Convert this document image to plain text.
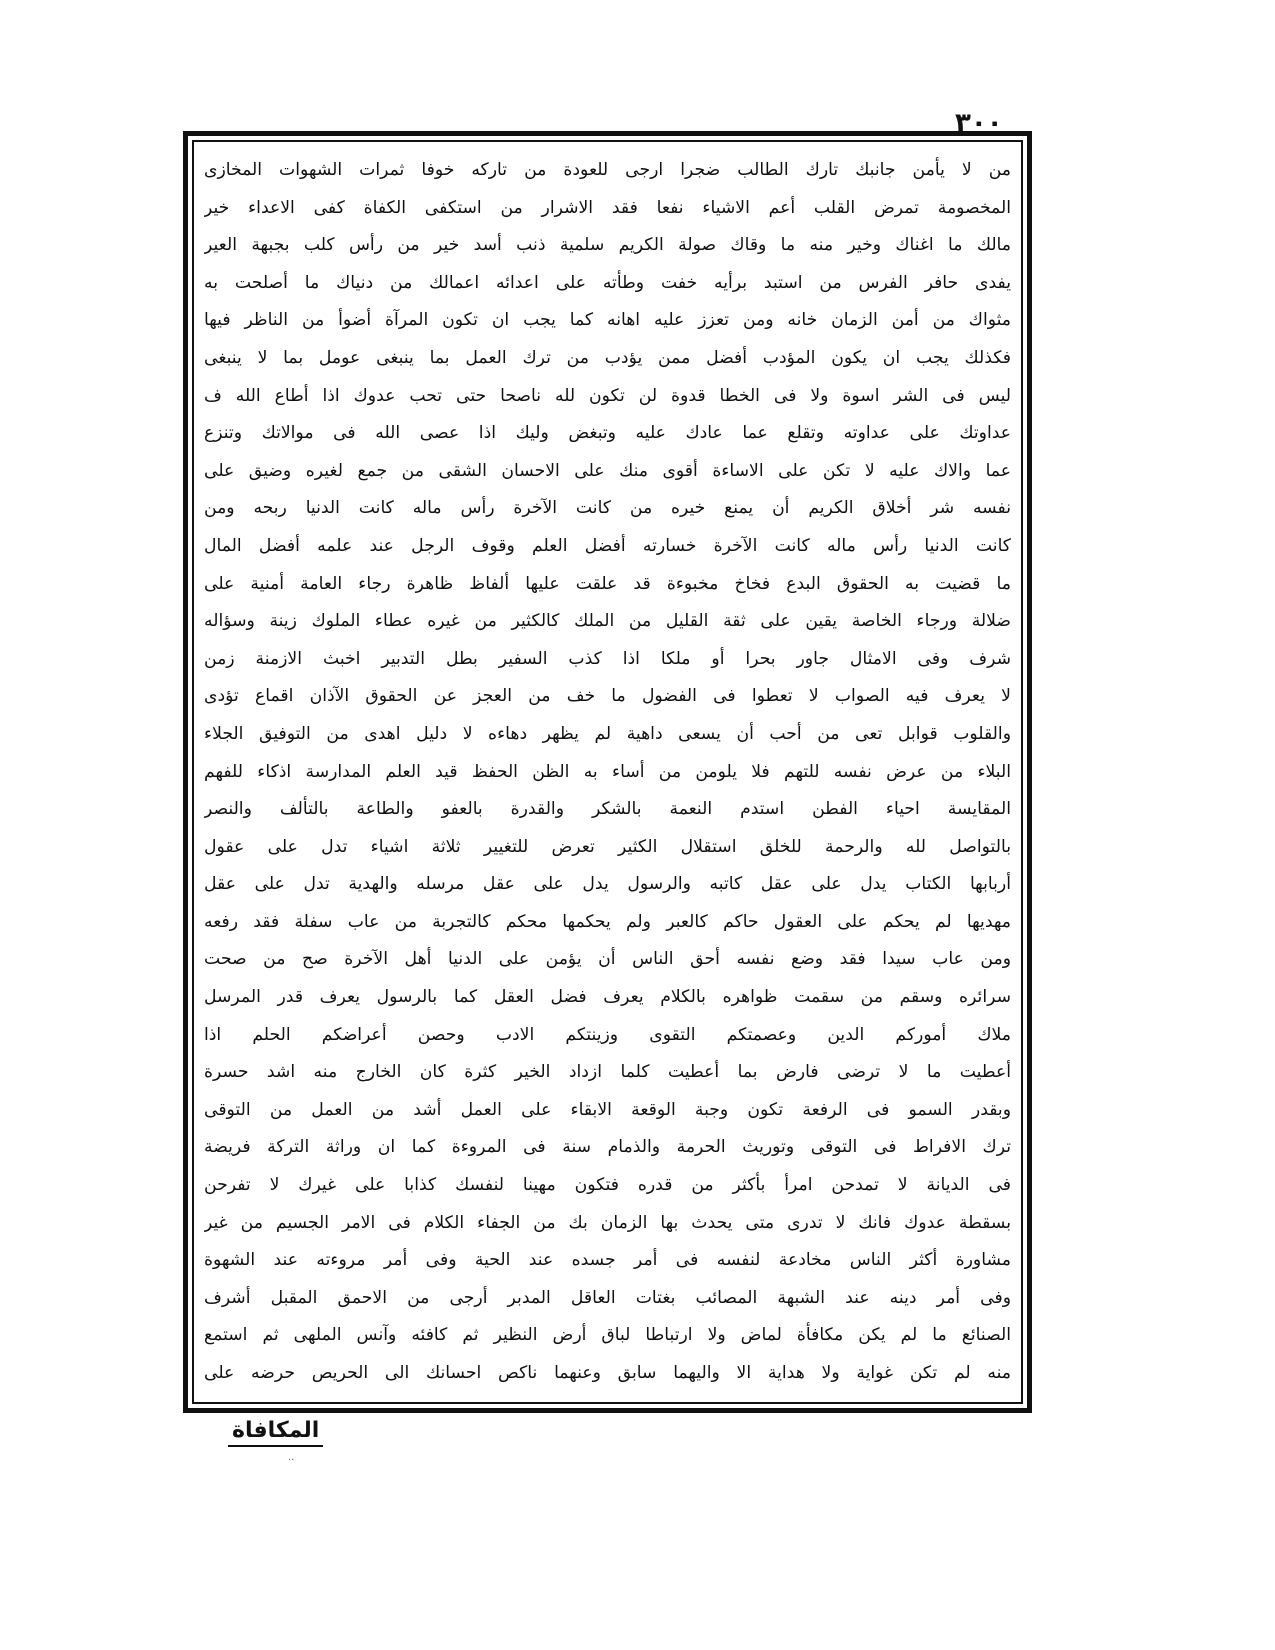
٣٠٠
من لا يأمن جانبك تارك الطالب ضجرا ارجى للعودة من تاركه خوفا ثمرات الشهوات المخازى
المخصومة تمرض القلب أعم الاشياء نفعا فقد الاشرار من استكفى الكفاة كفى الاعداء خير
مالك ما اغناك وخير منه ما وقاك صولة الكريم سلمية ذنب أسد خير من رأس كلب بجبهة العير
يفدى حافر الفرس من استبد برأيه خفت وطأته على اعدائه اعمالك من دنياك ما أصلحت به
مثواك من أمن الزمان خانه ومن تعزز عليه اهانه كما يجب ان تكون المرآة أضوأ من الناظر فيها
فكذلك يجب ان يكون المؤدب أفضل ممن يؤدب من ترك العمل بما ينبغى عومل بما لا ينبغى
ليس فى الشر اسوة ولا فى الخطا قدوة لن تكون لله ناصحا حتى تحب عدوك اذا أطاع الله ف
عداوتك على عداوته وتقلع عما عادك عليه وتبغض وليك اذا عصى الله فى موالاتك وتنزع
عما والاك عليه لا تكن على الاساءة أقوى منك على الاحسان الشقى من جمع لغيره وضيق على
نفسه شر أخلاق الكريم أن يمنع خيره من كانت الآخرة رأس ماله كانت الدنيا ربحه ومن
كانت الدنيا رأس ماله كانت الآخرة خسارته أفضل العلم وقوف الرجل عند علمه أفضل المال
ما قضيت به الحقوق البدع فخاخ مخبوءة قد علقت عليها ألفاظ ظاهرة رجاء العامة أمنية على
ضلالة ورجاء الخاصة يقين على ثقة القليل من الملك كالكثير من غيره عطاء الملوك زينة وسؤاله
شرف وفى الامثال جاور بحرا أو ملكا اذا كذب السفير بطل التدبير اخبث الازمنة زمن
لا يعرف فيه الصواب لا تعطوا فى الفضول ما خف من العجز عن الحقوق الآذان اقماع تؤدى
والقلوب قوابل تعى من أحب أن يسعى داهية لم يظهر دهاءه لا دليل اهدى من التوفيق الجلاء
البلاء من عرض نفسه للتهم فلا يلومن من أساء به الظن الحفظ قيد العلم المدارسة اذكاء للفهم
المقايسة احياء الفطن استدم النعمة بالشكر والقدرة بالعفو والطاعة بالتألف والنصر
بالتواصل لله والرحمة للخلق استقلال الكثير تعرض للتغيير ثلاثة اشياء تدل على عقول
أربابها الكتاب يدل على عقل كاتبه والرسول يدل على عقل مرسله والهدية تدل على عقل
مهديها لم يحكم على العقول حاكم كالعبر ولم يحكمها محكم كالتجربة من عاب سفلة فقد رفعه
ومن عاب سيدا فقد وضع نفسه أحق الناس أن يؤمن على الدنيا أهل الآخرة صح من صحت
سرائره وسقم من سقمت ظواهره بالكلام يعرف فضل العقل كما بالرسول يعرف قدر المرسل
ملاك أموركم الدين وعصمتكم التقوى وزينتكم الادب وحصن أعراضكم الحلم اذا
أعطيت ما لا ترضى فارض بما أعطيت كلما ازداد الخير كثرة كان الخارج منه اشد حسرة
وبقدر السمو فى الرفعة تكون وجبة الوقعة الابقاء على العمل أشد من العمل من التوقى
ترك الافراط فى التوقى وتوريث الحرمة والذمام سنة فى المروءة كما ان وراثة التركة فريضة
فى الديانة لا تمدحن امرأ بأكثر من قدره فتكون مهينا لنفسك كذابا على غيرك لا تفرحن
بسقطة عدوك فانك لا تدرى متى يحدث بها الزمان بك من الجفاء الكلام فى الامر الجسيم من غير
مشاورة أكثر الناس مخادعة لنفسه فى أمر جسده عند الحية وفى أمر مروءته عند الشهوة
وفى أمر دينه عند الشبهة المصائب بغتات العاقل المدبر أرجى من الاحمق المقبل أشرف
الصنائع ما لم يكن مكافأة لماض ولا ارتباطا لباق أرض النظير ثم كافئه وآنس الملهى ثم استمع
منه لم تكن غواية ولا هداية الا واليهما سابق وعنهما ناكص احسانك الى الحريص حرضه على
المكافاة
..
